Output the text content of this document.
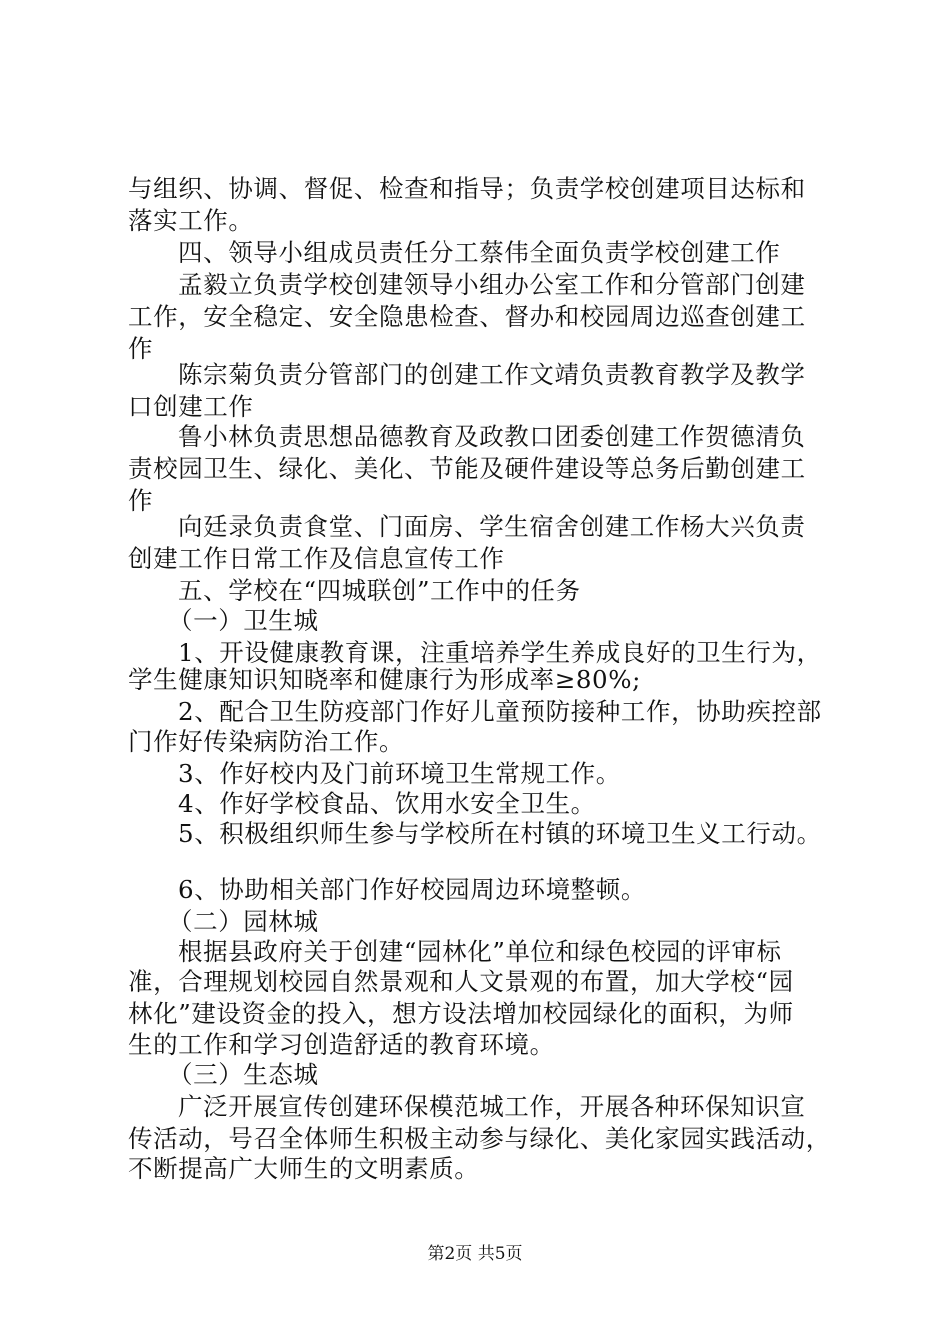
与组织、协调、督促、检查和指导；负责学校创建项目达标和
落实工作。
四、领导小组成员责任分工蔡伟全面负责学校创建工作
孟毅立负责学校创建领导小组办公室工作和分管部门创建
工作，安全稳定、安全隐患检查、督办和校园周边巡查创建工
作
陈宗菊负责分管部门的创建工作文靖负责教育教学及教学
口创建工作
鲁小林负责思想品德教育及政教口团委创建工作贺德清负
责校园卫生、绿化、美化、节能及硬件建设等总务后勤创建工
作
向廷录负责食堂、门面房、学生宿舍创建工作杨大兴负责
创建工作日常工作及信息宣传工作
五、学校在“四城联创”工作中的任务
（一）卫生城
1、开设健康教育课，注重培养学生养成良好的卫生行为，
学生健康知识知晓率和健康行为形成率≥80%;
2、配合卫生防疫部门作好儿童预防接种工作，协助疾控部
门作好传染病防治工作。
3、作好校内及门前环境卫生常规工作。
4、作好学校食品、饮用水安全卫生。
5、积极组织师生参与学校所在村镇的环境卫生义工行动。
6、协助相关部门作好校园周边环境整顿。
（二）园林城
根据县政府关于创建“园林化”单位和绿色校园的评审标
准，合理规划校园自然景观和人文景观的布置，加大学校“园
林化”建设资金的投入，想方设法增加校园绿化的面积，为师
生的工作和学习创造舒适的教育环境。
（三）生态城
广泛开展宣传创建环保模范城工作，开展各种环保知识宣
传活动，号召全体师生积极主动参与绿化、美化家园实践活动，
不断提高广大师生的文明素质。
第2页 共5页
